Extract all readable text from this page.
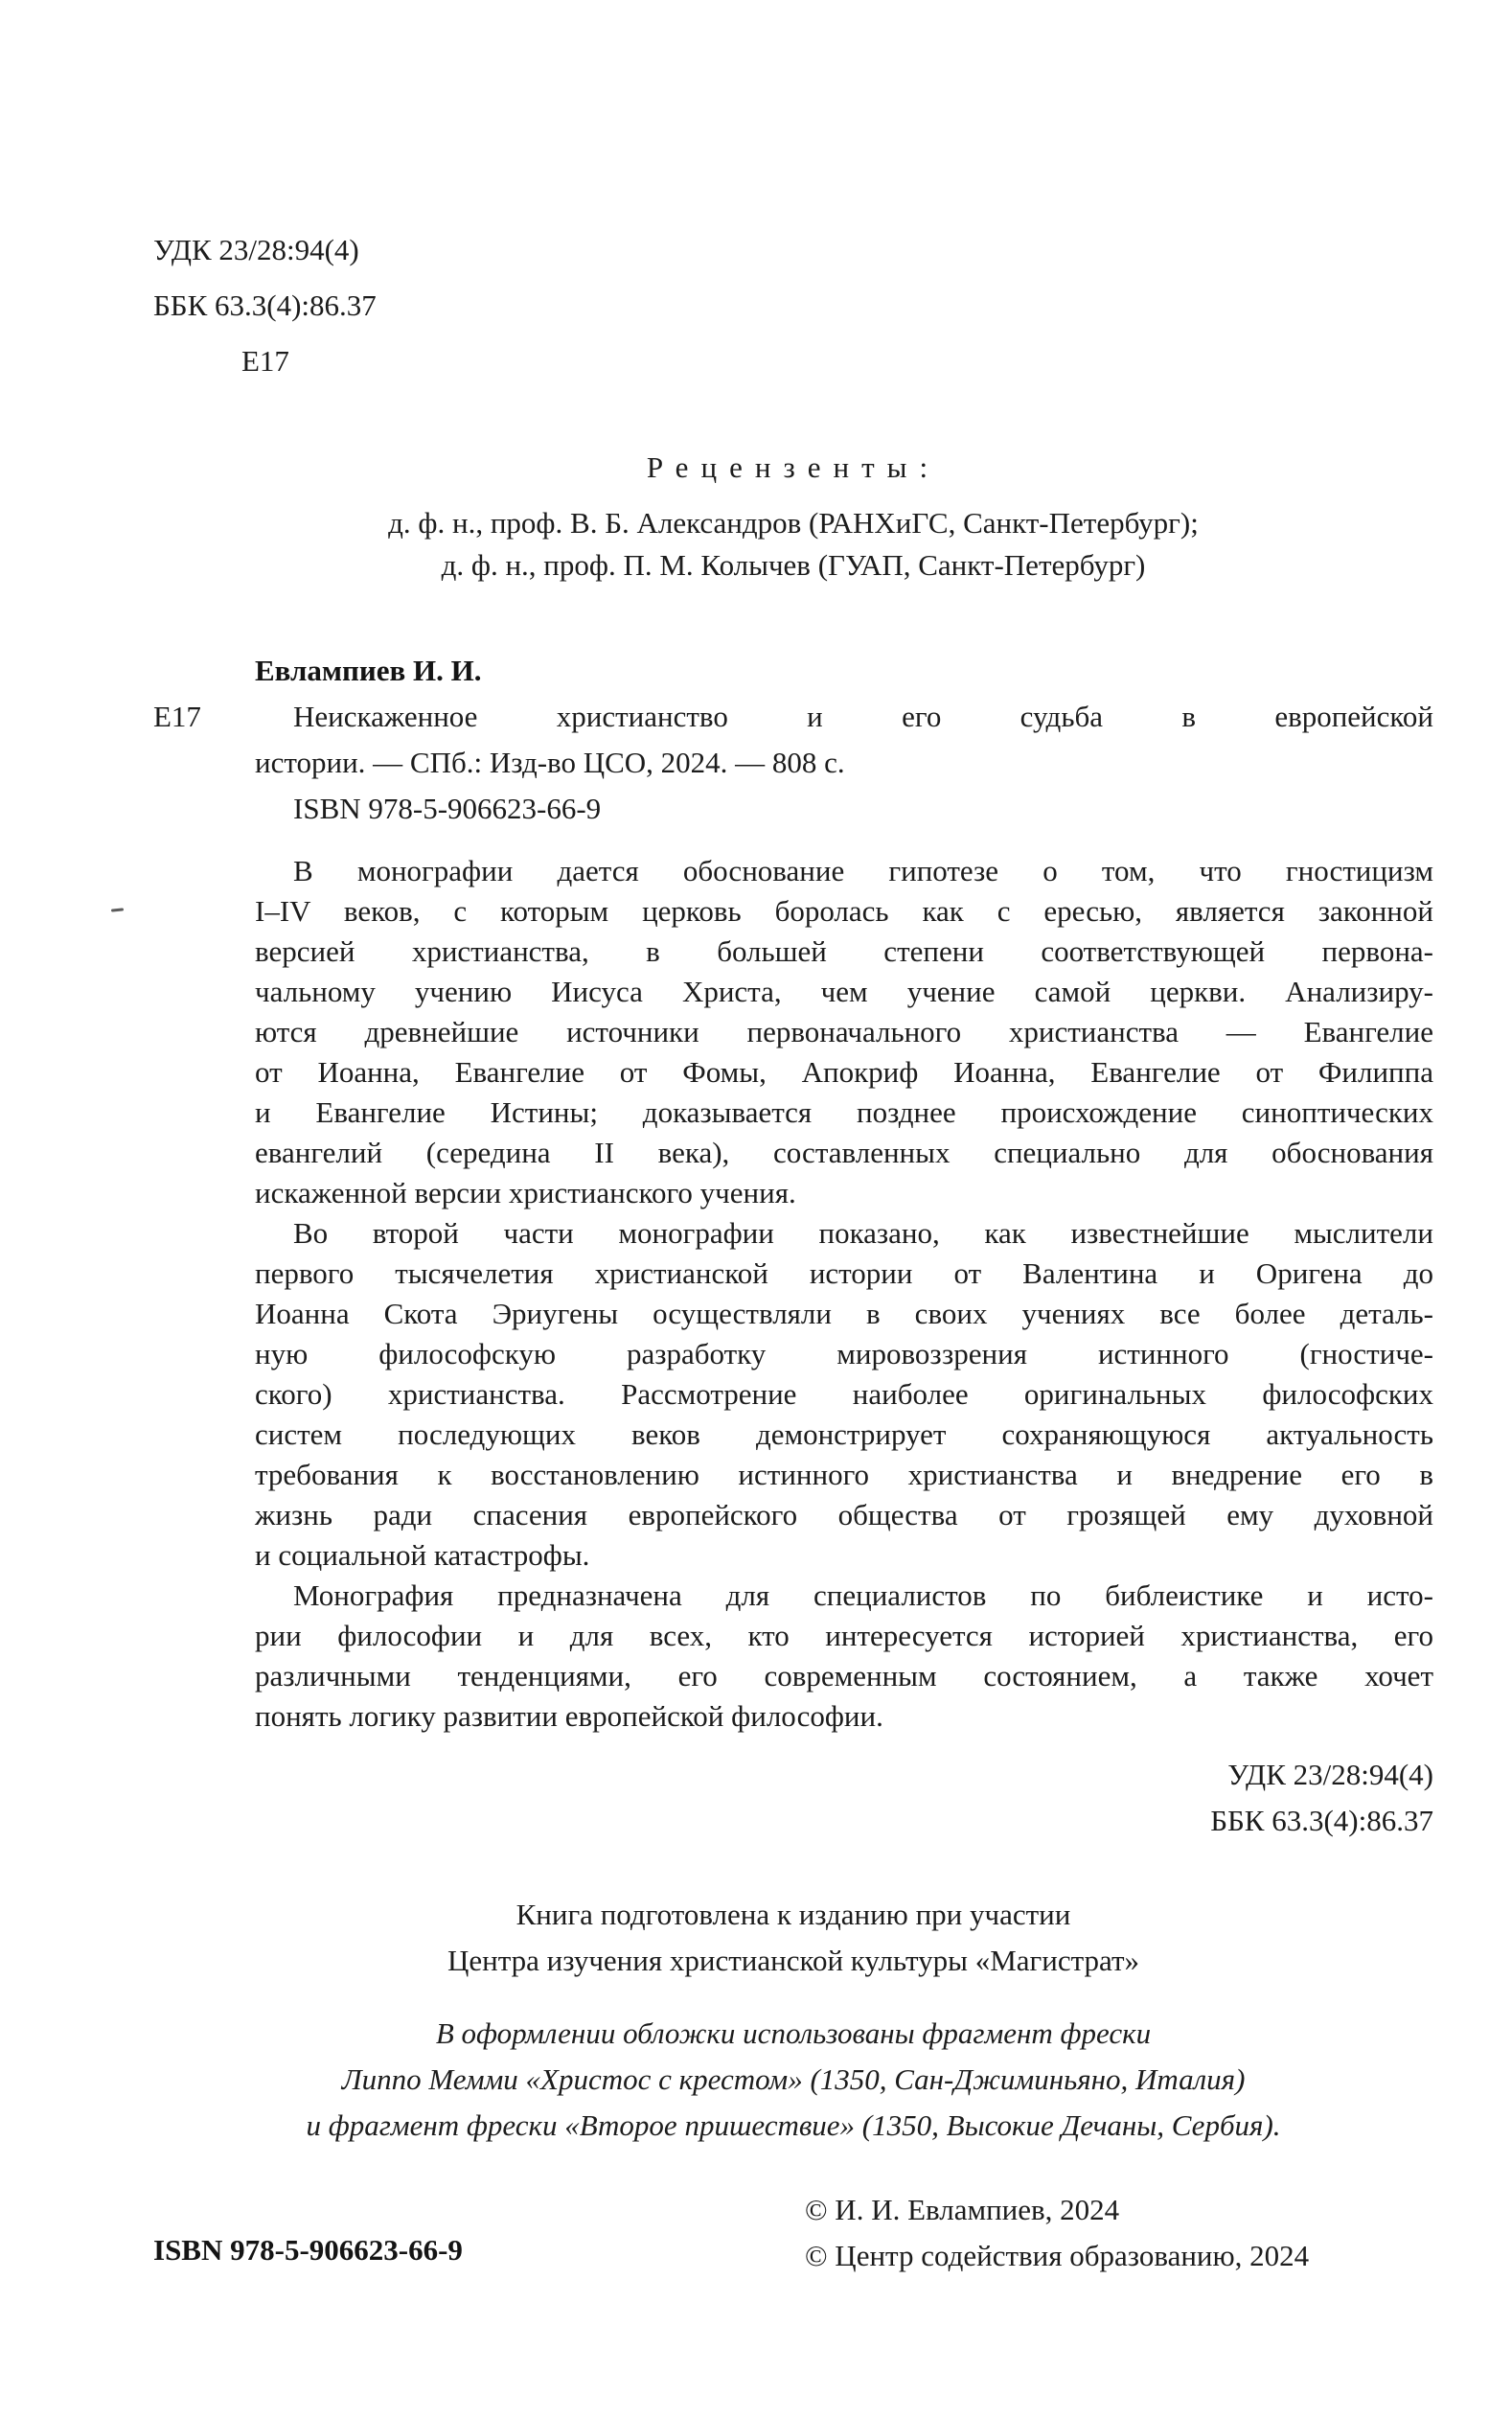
УДК 23/28:94(4)
ББК 63.3(4):86.37
Е17
Рецензенты:
д. ф. н., проф. В. Б. Александров (РАНХиГС, Санкт-Петербург);
д. ф. н., проф. П. М. Колычев (ГУАП, Санкт-Петербург)
Евлампиев И. И.
Е17	Неискаженное христианство и его судьба в европейской
истории. — СПб.: Изд-во ЦСО, 2024. — 808 с.
ISBN 978-5-906623-66-9
В монографии дается обоснование гипотезе о том, что гностицизм
I–IV веков, с которым церковь боролась как с ересью, является законной
версией христианства, в большей степени соответствующей первона-
чальному учению Иисуса Христа, чем учение самой церкви. Анализиру-
ются древнейшие источники первоначального христианства — Евангелие
от Иоанна, Евангелие от Фомы, Апокриф Иоанна, Евангелие от Филиппа
и Евангелие Истины; доказывается позднее происхождение синоптических
евангелий (середина II века), составленных специально для обоснования
искаженной версии христианского учения.
Во второй части монографии показано, как известнейшие мыслители
первого тысячелетия христианской истории от Валентина и Оригена до
Иоанна Скота Эриугены осуществляли в своих учениях все более деталь-
ную философскую разработку мировоззрения истинного (гностиче-
ского) христианства. Рассмотрение наиболее оригинальных философских
систем последующих веков демонстрирует сохраняющуюся актуальность
требования к восстановлению истинного христианства и внедрение его в
жизнь ради спасения европейского общества от грозящей ему духовной
и социальной катастрофы.
Монография предназначена для специалистов по библеистике и исто-
рии философии и для всех, кто интересуется историей христианства, его
различными тенденциями, его современным состоянием, а также хочет
понять логику развитии европейской философии.
УДК 23/28:94(4)
ББК 63.3(4):86.37
Книга подготовлена к изданию при участии
Центра изучения христианской культуры «Магистрат»
В оформлении обложки использованы фрагмент фрески
Липпо Мемми «Христос с крестом» (1350, Сан-Джиминьяно, Италия)
и фрагмент фрески «Второе пришествие» (1350, Высокие Дечаны, Сербия).
ISBN 978-5-906623-66-9
© И. И. Евлампиев, 2024
© Центр содействия образованию, 2024
